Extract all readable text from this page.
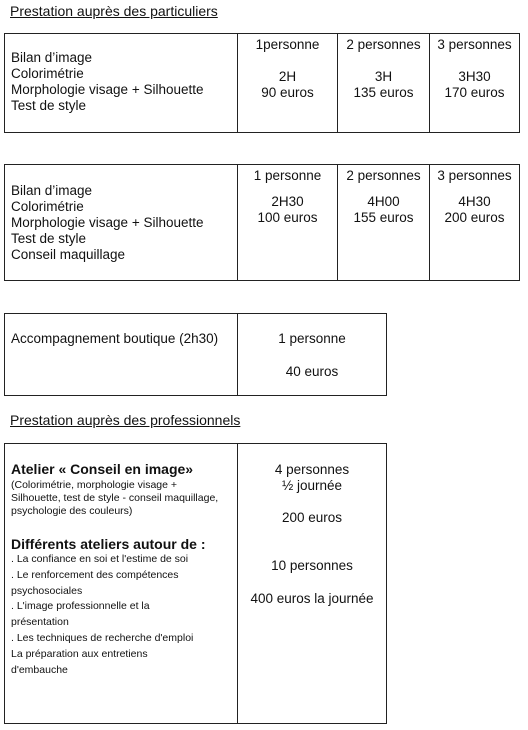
Prestation auprès des particuliers
Bilan d’image
Colorimétrie
Morphologie visage + Silhouette
Test de style

1personne
2H
90 euros

2 personnes
3H
135 euros

3 personnes
3H30
170 euros
Bilan d’image
Colorimétrie
Morphologie visage + Silhouette
Test de style
Conseil maquillage

1 personne
2H30
100 euros

2 personnes
4H00
155 euros

3 personnes
4H30
200 euros
Accompagnement boutique (2h30)	1 personne
40 euros
Prestation auprès des professionnels
Atelier « Conseil en image»
(Colorimétrie, morphologie visage + Silhouette, test de style - conseil maquillage, psychologie des couleurs)
Différents ateliers autour de :
. La confiance en soi et l'estime de soi
. Le renforcement des compétences
psychosociales
. L'image professionnelle et la
présentation
. Les techniques de recherche d'emploi
La préparation aux entretiens
d'embauche

4 personnes
½ journée
200 euros
10 personnes
400 euros la journée
